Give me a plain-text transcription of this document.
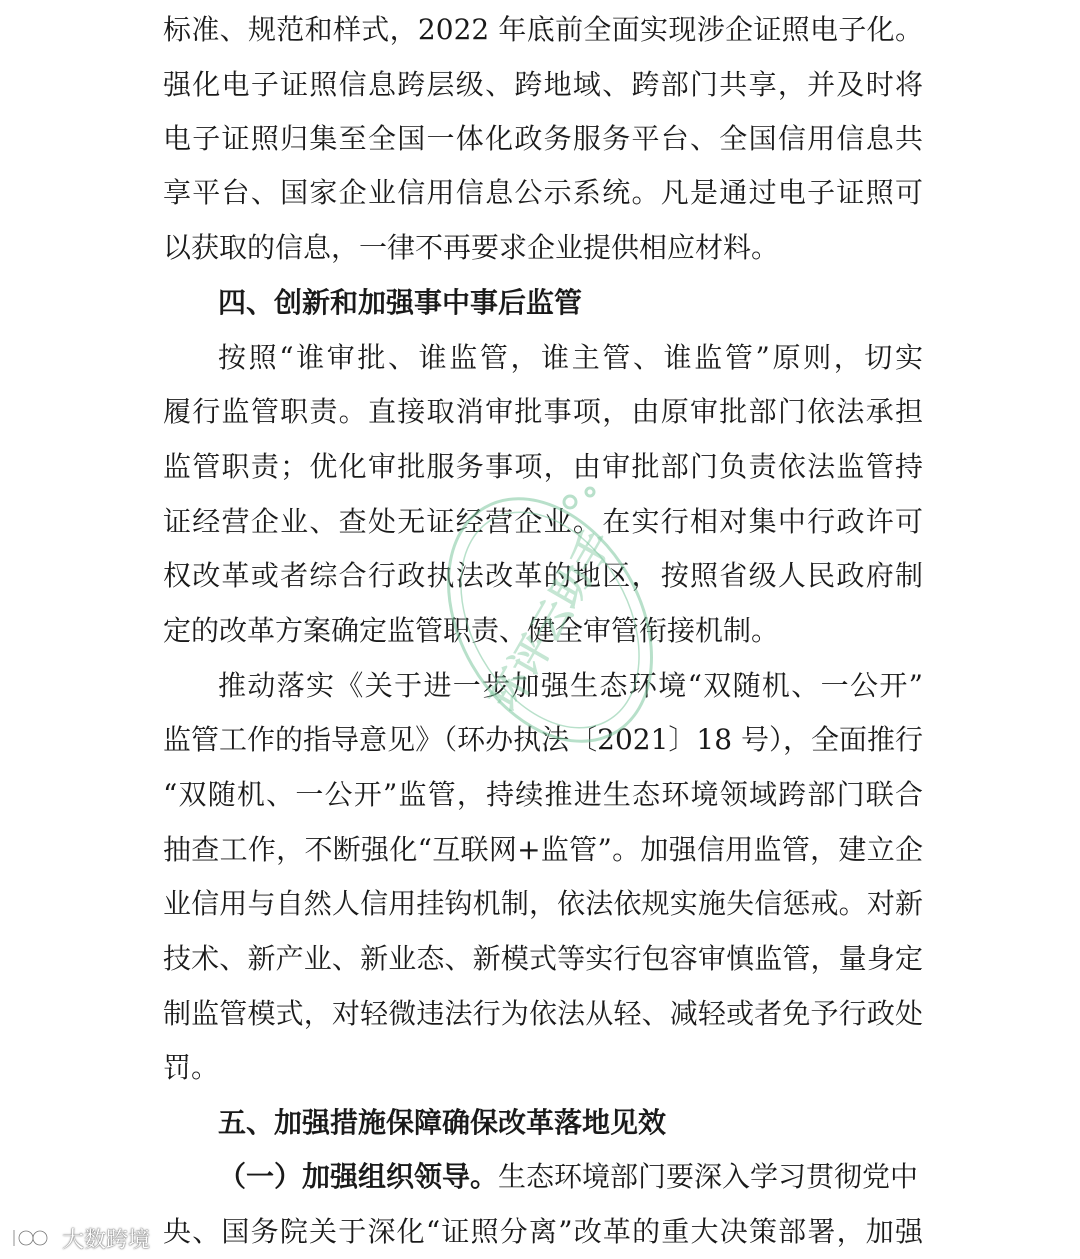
标准、规范和样式，2022 年底前全面实现涉企证照电子化。
强化电子证照信息跨层级、跨地域、跨部门共享，并及时将
电子证照归集至全国一体化政务服务平台、全国信用信息共
享平台、国家企业信用信息公示系统。凡是通过电子证照可
以获取的信息，一律不再要求企业提供相应材料。
四、创新和加强事中事后监管
按照“谁审批、谁监管，谁主管、谁监管”原则，切实
履行监管职责。直接取消审批事项，由原审批部门依法承担
监管职责；优化审批服务事项，由审批部门负责依法监管持
证经营企业、查处无证经营企业。在实行相对集中行政许可
权改革或者综合行政执法改革的地区，按照省级人民政府制
定的改革方案确定监管职责、健全审管衔接机制。
推动落实《关于进一步加强生态环境“双随机、一公开”
监管工作的指导意见》（环办执法〔2021〕18 号），全面推行
“双随机、一公开”监管，持续推进生态环境领域跨部门联合
抽查工作，不断强化“互联网+监管”。加强信用监管，建立企
业信用与自然人信用挂钩机制，依法依规实施失信惩戒。对新
技术、新产业、新业态、新模式等实行包容审慎监管，量身定
制监管模式，对轻微违法行为依法从轻、减轻或者免予行政处
罚。
五、加强措施保障确保改革落地见效
（一）加强组织领导。生态环境部门要深入学习贯彻党中
央、国务院关于深化“证照分离”改革的重大决策部署，加强
环评云助手
大数跨境
